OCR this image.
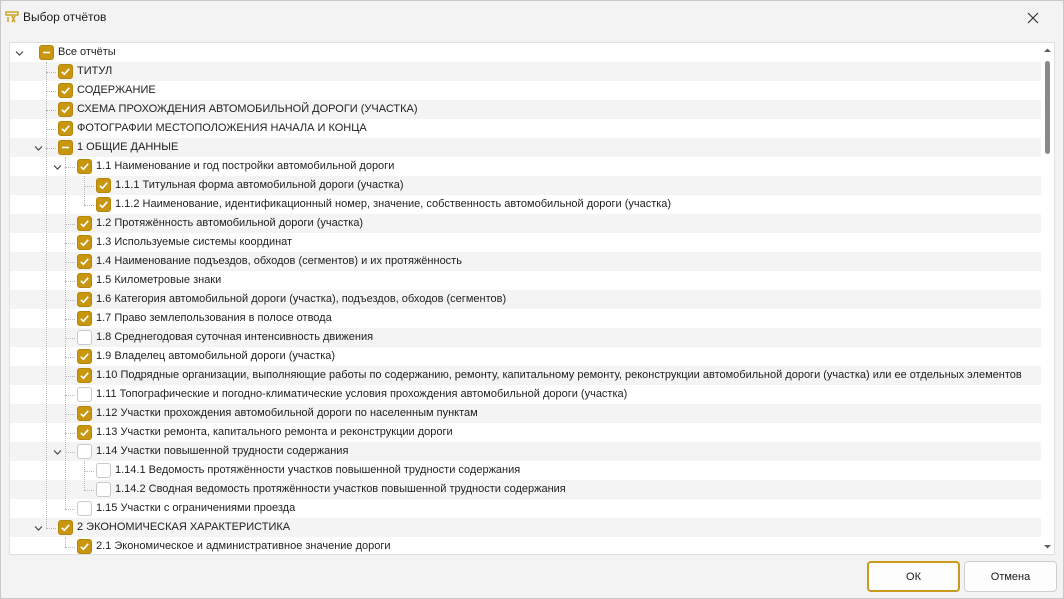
Выбор отчётов
Все отчёты
ТИТУЛ
СОДЕРЖАНИЕ
СХЕМА ПРОХОЖДЕНИЯ АВТОМОБИЛЬНОЙ ДОРОГИ (УЧАСТКА)
ФОТОГРАФИИ МЕСТОПОЛОЖЕНИЯ НАЧАЛА И КОНЦА
1 ОБЩИЕ ДАННЫЕ
1.1 Наименование и год постройки автомобильной дороги
1.1.1 Титульная форма автомобильной дороги (участка)
1.1.2 Наименование, идентификационный номер, значение, собственность автомобильной дороги (участка)
1.2 Протяжённость автомобильной дороги (участка)
1.3 Используемые системы координат
1.4 Наименование подъездов, обходов (сегментов) и их протяжённость
1.5 Километровые знаки
1.6 Категория автомобильной дороги (участка), подъездов, обходов (сегментов)
1.7 Право землепользования в полосе отвода
1.8 Среднегодовая суточная интенсивность движения
1.9 Владелец автомобильной дороги (участка)
1.10 Подрядные организации, выполняющие работы по содержанию, ремонту, капитальному ремонту, реконструкции автомобильной дороги (участка) или ее отдельных элементов
1.11 Топографические и погодно-климатические условия прохождения автомобильной дороги (участка)
1.12 Участки прохождения автомобильной дороги по населенным пунктам
1.13 Участки ремонта, капитального ремонта и реконструкции дороги
1.14 Участки повышенной трудности содержания
1.14.1 Ведомость протяжённости участков повышенной трудности содержания
1.14.2 Сводная ведомость протяжённости участков повышенной трудности содержания
1.15 Участки с ограничениями проезда
2 ЭКОНОМИЧЕСКАЯ ХАРАКТЕРИСТИКА
2.1 Экономическое и административное значение дороги
ОК	Отмена
